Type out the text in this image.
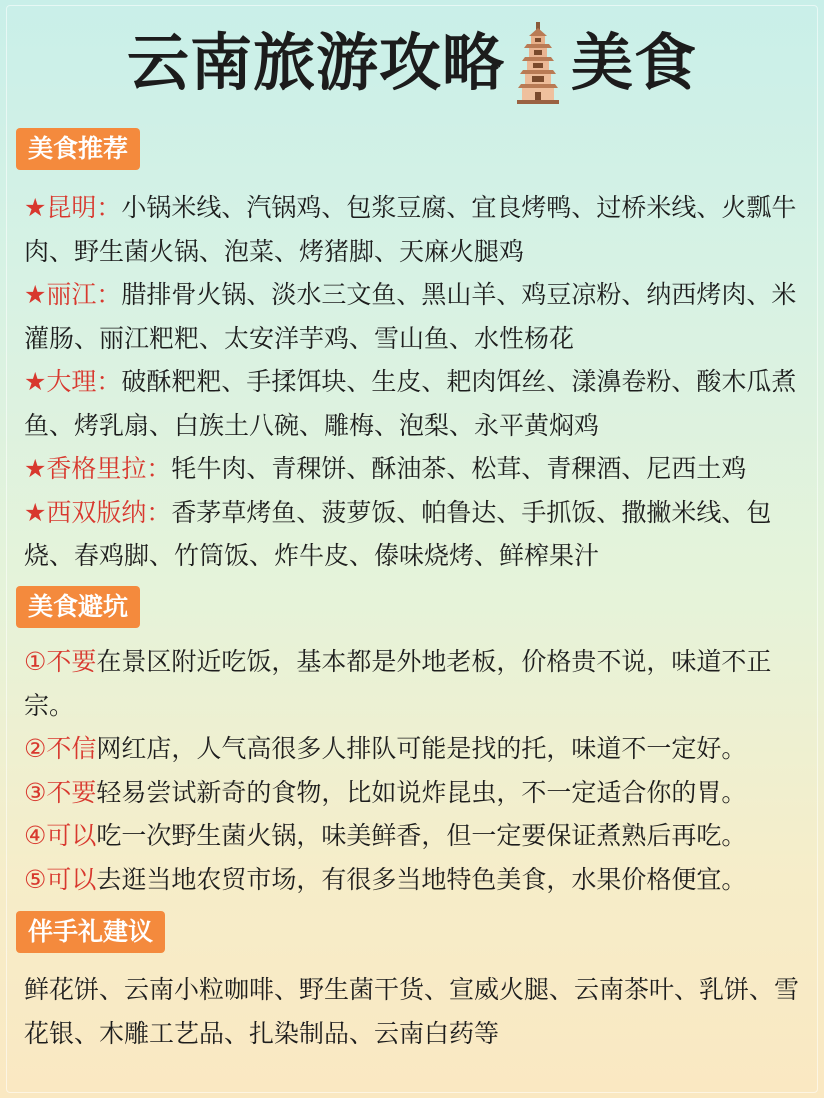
云南旅游攻略 美食
美食推荐

★昆明：小锅米线、汽锅鸡、包浆豆腐、宜良烤鸭、过桥米线、火瓢牛肉、野生菌火锅、泡菜、烤猪脚、天麻火腿鸡

★丽江：腊排骨火锅、淡水三文鱼、黑山羊、鸡豆凉粉、纳西烤肉、米灌肠、丽江粑粑、太安洋芋鸡、雪山鱼、水性杨花

★大理：破酥粑粑、手揉饵块、生皮、耙肉饵丝、漾濞卷粉、酸木瓜煮鱼、烤乳扇、白族土八碗、雕梅、泡梨、永平黄焖鸡

★香格里拉：牦牛肉、青稞饼、酥油茶、松茸、青稞酒、尼西土鸡

★西双版纳：香茅草烤鱼、菠萝饭、帕鲁达、手抓饭、撒撇米线、包烧、春鸡脚、竹筒饭、炸牛皮、傣味烧烤、鲜榨果汁

美食避坑

①不要在景区附近吃饭，基本都是外地老板，价格贵不说，味道不正宗。

②不信网红店，人气高很多人排队可能是找的托，味道不一定好。

③不要轻易尝试新奇的食物，比如说炸昆虫，不一定适合你的胃。

④可以吃一次野生菌火锅，味美鲜香，但一定要保证煮熟后再吃。

⑤可以去逛当地农贸市场，有很多当地特色美食，水果价格便宜。

伴手礼建议

鲜花饼、云南小粒咖啡、野生菌干货、宣威火腿、云南茶叶、乳饼、雪花银、木雕工艺品、扎染制品、云南白药等
